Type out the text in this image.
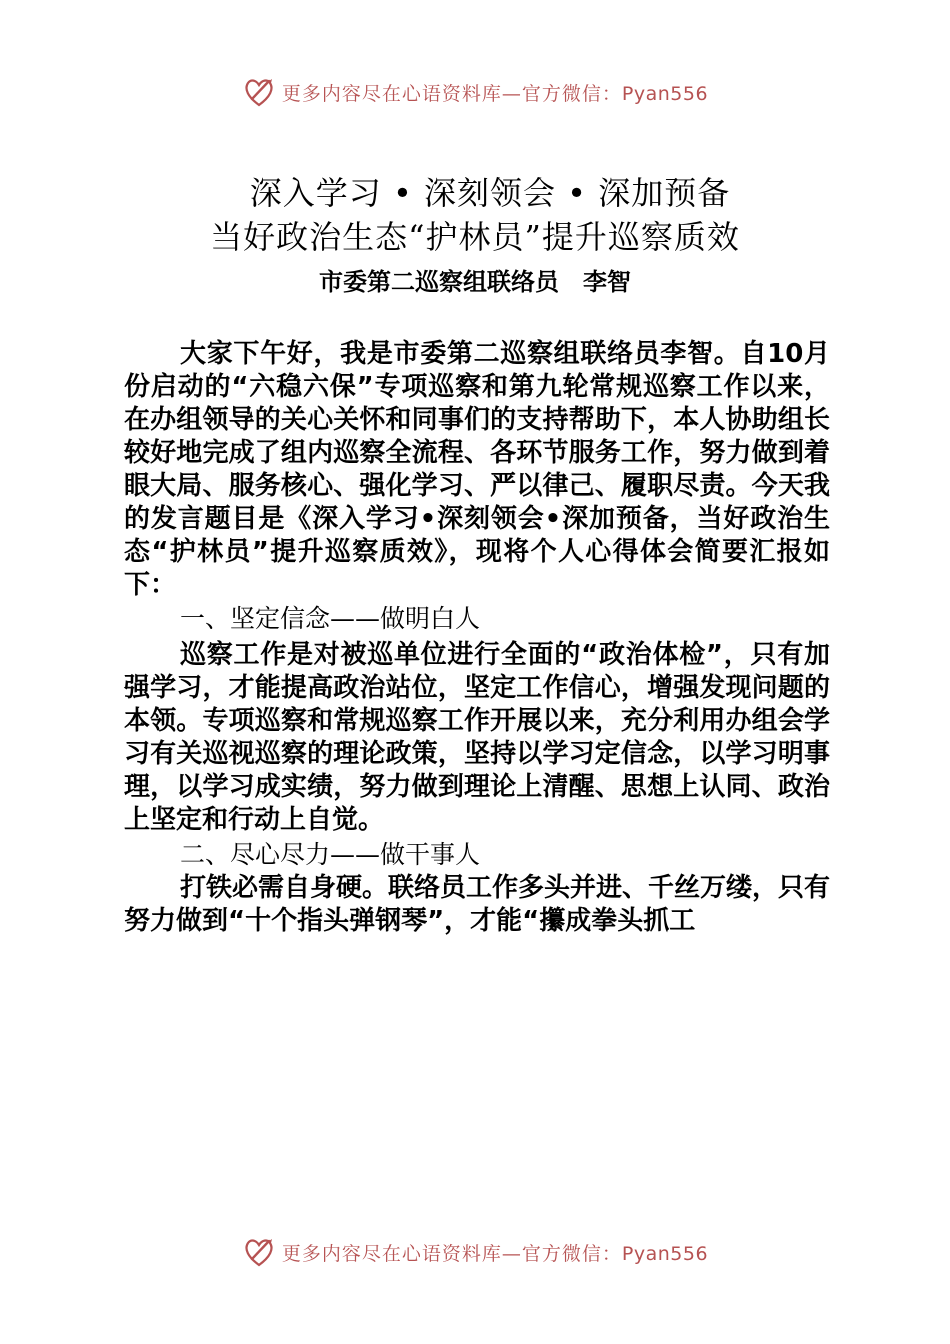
更多内容尽在心语资料库—官方微信：Pyan556
深入学习 • 深刻领会 • 深加预备
当好政治生态“护林员”提升巡察质效
市委第二巡察组联络员　李智
大家下午好，我是市委第二巡察组联络员李智。自10月份启动的“六稳六保”专项巡察和第九轮常规巡察工作以来，在办组领导的关心关怀和同事们的支持帮助下，本人协助组长较好地完成了组内巡察全流程、各环节服务工作，努力做到着眼大局、服务核心、强化学习、严以律己、履职尽责。今天我的发言题目是《深入学习•深刻领会•深加预备，当好政治生态“护林员”提升巡察质效》，现将个人心得体会简要汇报如下：
一、坚定信念——做明白人
巡察工作是对被巡单位进行全面的“政治体检”，只有加强学习，才能提高政治站位，坚定工作信心，增强发现问题的本领。专项巡察和常规巡察工作开展以来，充分利用办组会学习有关巡视巡察的理论政策，坚持以学习定信念，以学习明事理，以学习成实绩，努力做到理论上清醒、思想上认同、政治上坚定和行动上自觉。
二、尽心尽力——做干事人
打铁必需自身硬。联络员工作多头并进、千丝万缕，只有努力做到“十个指头弹钢琴”，才能“攥成拳头抓工
更多内容尽在心语资料库—官方微信：Pyan556
